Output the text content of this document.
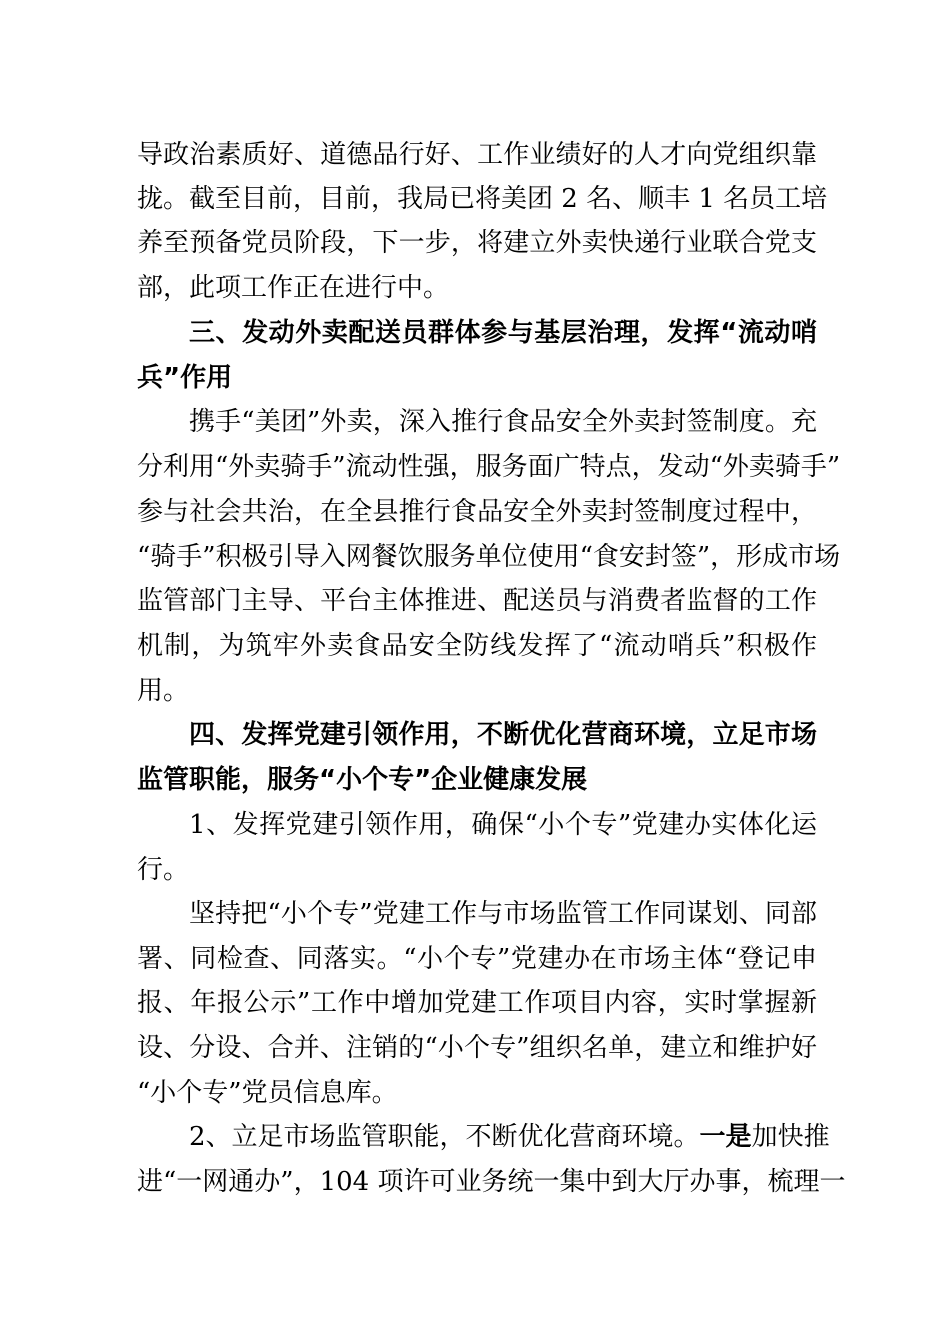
导政治素质好、道德品行好、工作业绩好的人才向党组织靠
拢。截至目前，目前，我局已将美团 2 名、顺丰 1 名员工培
养至预备党员阶段，下一步，将建立外卖快递行业联合党支
部，此项工作正在进行中。
三、发动外卖配送员群体参与基层治理，发挥“流动哨
兵”作用
携手“美团”外卖，深入推行食品安全外卖封签制度。充
分利用“外卖骑手”流动性强，服务面广特点，发动“外卖骑手”
参与社会共治，在全县推行食品安全外卖封签制度过程中，
“骑手”积极引导入网餐饮服务单位使用“食安封签”，形成市场
监管部门主导、平台主体推进、配送员与消费者监督的工作
机制，为筑牢外卖食品安全防线发挥了“流动哨兵”积极作
用。
四、发挥党建引领作用，不断优化营商环境，立足市场
监管职能，服务“小个专”企业健康发展
1、发挥党建引领作用，确保“小个专”党建办实体化运
行。
坚持把“小个专”党建工作与市场监管工作同谋划、同部
署、同检查、同落实。“小个专”党建办在市场主体“登记申
报、年报公示”工作中增加党建工作项目内容，实时掌握新
设、分设、合并、注销的“小个专”组织名单，建立和维护好
“小个专”党员信息库。
2、立足市场监管职能，不断优化营商环境。一是加快推
进“一网通办”，104 项许可业务统一集中到大厅办事，梳理一
